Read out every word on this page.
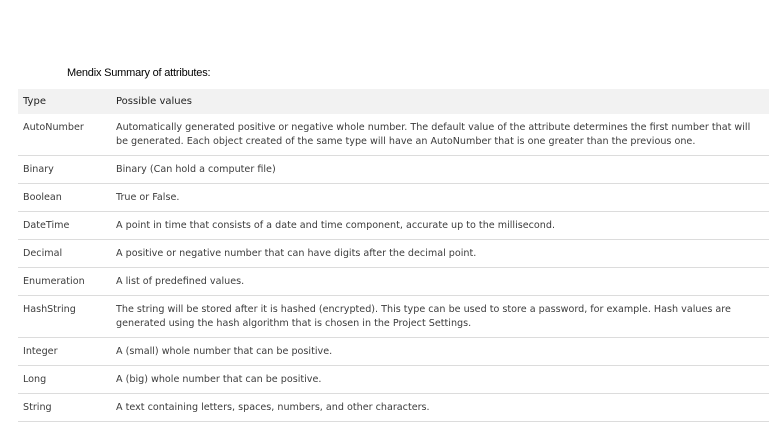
Mendix Summary of attributes:
Type	Possible values
AutoNumber	Automatically generated positive or negative whole number. The default value of the attribute determines the first number that will be generated. Each object created of the same type will have an AutoNumber that is one greater than the previous one.
Binary	Binary (Can hold a computer file)
Boolean	True or False.
DateTime	A point in time that consists of a date and time component, accurate up to the millisecond.
Decimal	A positive or negative number that can have digits after the decimal point.
Enumeration	A list of predefined values.
HashString	The string will be stored after it is hashed (encrypted). This type can be used to store a password, for example. Hash values are generated using the hash algorithm that is chosen in the Project Settings.
Integer	A (small) whole number that can be positive.
Long	A (big) whole number that can be positive.
String	A text containing letters, spaces, numbers, and other characters.
